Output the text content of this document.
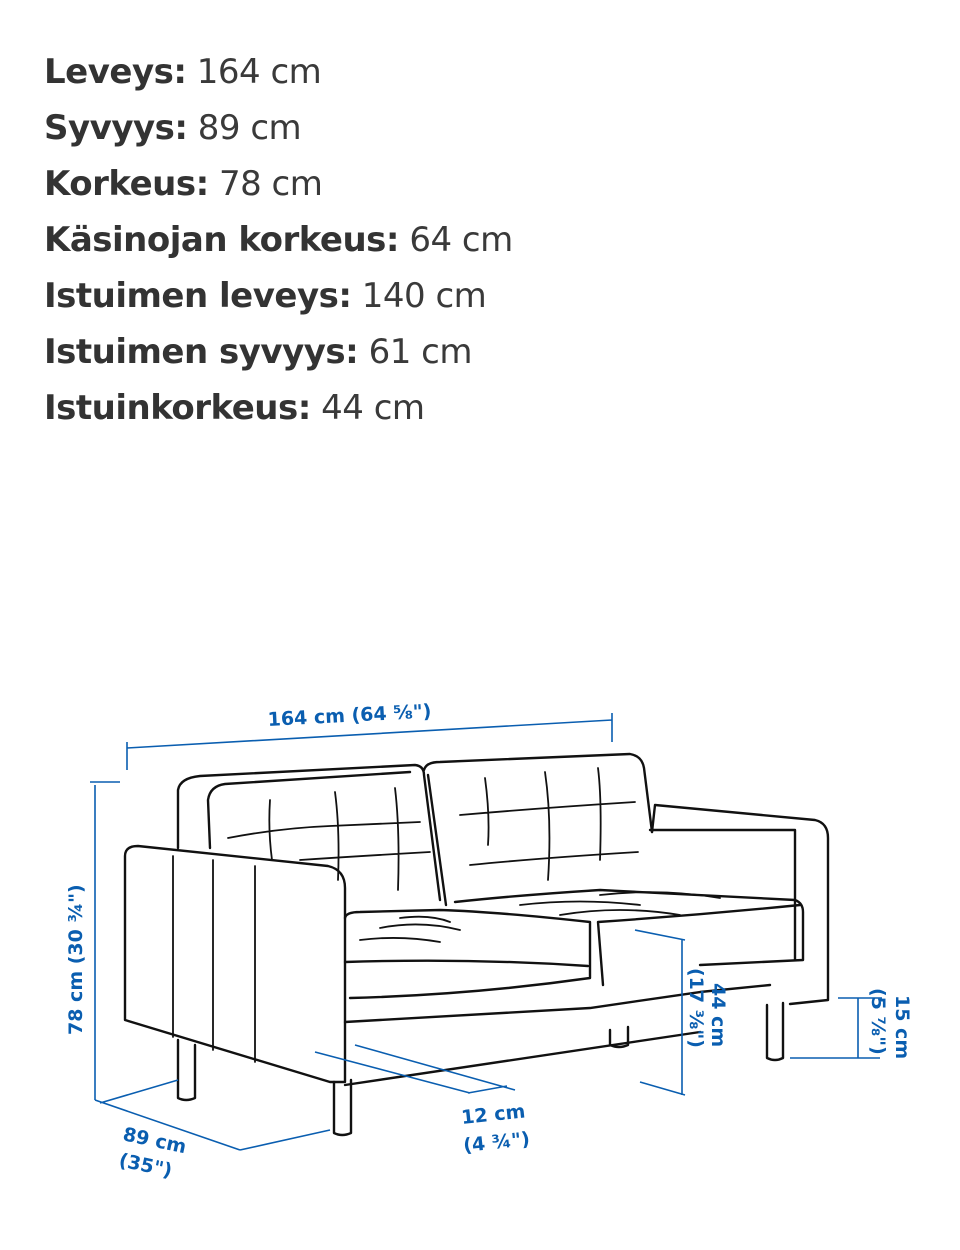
Leveys: 164 cm
Syvyys: 89 cm
Korkeus: 78 cm
Käsinojan korkeus: 64 cm
Istuimen leveys: 140 cm
Istuimen syvyys: 61 cm
Istuinkorkeus: 44 cm
164 cm (64 ⅝")
78 cm (30 ¾")
89 cm
(35")
12 cm
(4 ¾")
44 cm
(17 ⅜")	15 cm
(5 ⅞")
